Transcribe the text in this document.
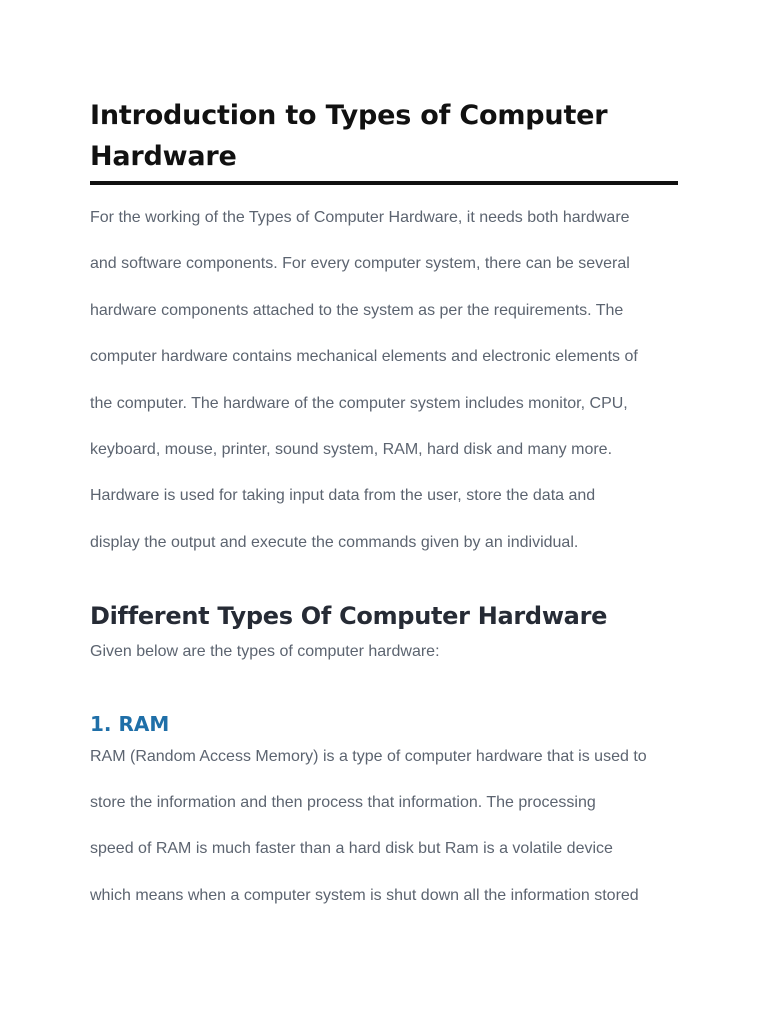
Introduction to Types of Computer
Hardware

For the working of the Types of Computer Hardware, it needs both hardware
and software components. For every computer system, there can be several
hardware components attached to the system as per the requirements. The
computer hardware contains mechanical elements and electronic elements of
the computer. The hardware of the computer system includes monitor, CPU,
keyboard, mouse, printer, sound system, RAM, hard disk and many more.
Hardware is used for taking input data from the user, store the data and
display the output and execute the commands given by an individual.

Different Types Of Computer Hardware

Given below are the types of computer hardware:

1. RAM

RAM (Random Access Memory) is a type of computer hardware that is used to
store the information and then process that information. The processing
speed of RAM is much faster than a hard disk but Ram is a volatile device
which means when a computer system is shut down all the information stored
